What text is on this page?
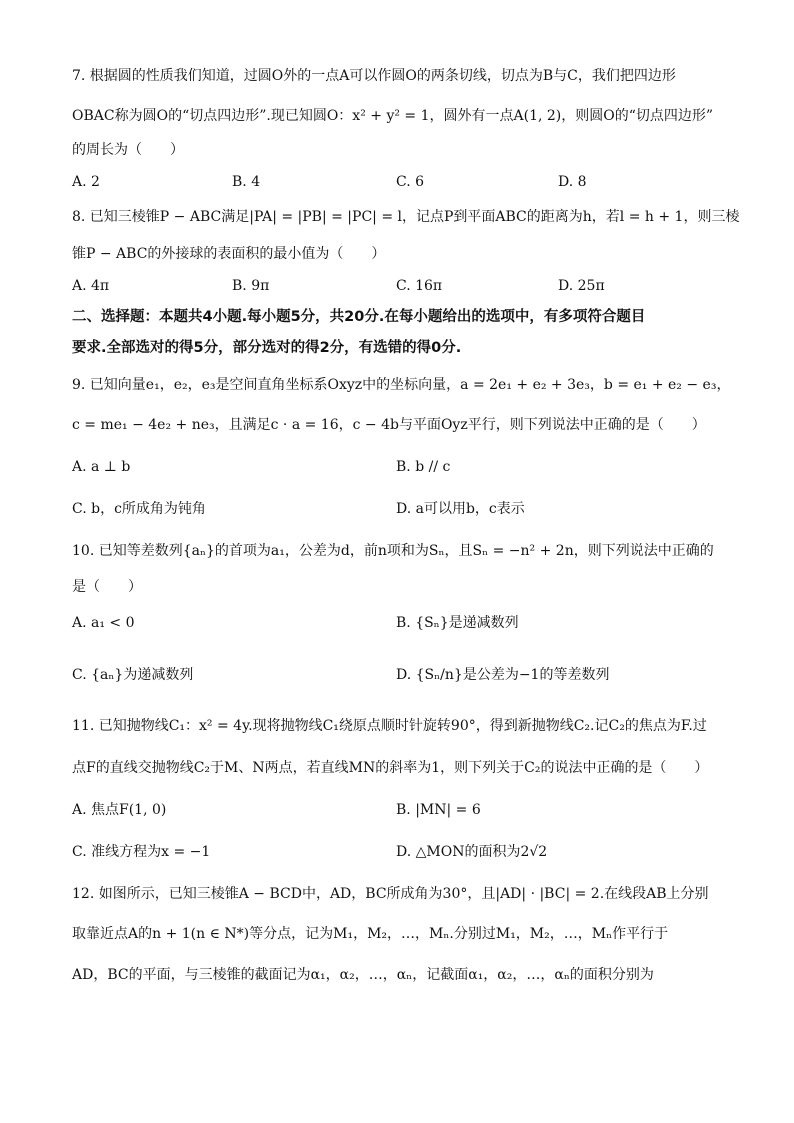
7. 根据圆的性质我们知道，过圆O外的一点A可以作圆O的两条切线，切点为B与C，我们把四边形
OBAC称为圆O的“切点四边形”.现已知圆O：x² + y² = 1，圆外有一点A(1, 2)，则圆O的“切点四边形”
的周长为（　　）
A. 2	B. 4	C. 6	D. 8
8. 已知三棱锥P − ABC满足|PA| = |PB| = |PC| = l，记点P到平面ABC的距离为h，若l = h + 1，则三棱
锥P − ABC的外接球的表面积的最小值为（　　）
A. 4π	B. 9π	C. 16π	D. 25π
二、选择题：本题共4小题.每小题5分，共20分.在每小题给出的选项中，有多项符合题目
要求.全部选对的得5分，部分选对的得2分，有选错的得0分.
9. 已知向量e₁，e₂，e₃是空间直角坐标系Oxyz中的坐标向量，a = 2e₁ + e₂ + 3e₃，b = e₁ + e₂ − e₃，
c = me₁ − 4e₂ + ne₃，且满足c · a = 16，c − 4b与平面Oyz平行，则下列说法中正确的是（　　）
A. a ⊥ b	B. b // c
C. b，c所成角为钝角	D. a可以用b，c表示
10. 已知等差数列{aₙ}的首项为a₁，公差为d，前n项和为Sₙ，且Sₙ = −n² + 2n，则下列说法中正确的
是（　　）
A. a₁ < 0	B. {Sₙ}是递减数列
C. {aₙ}为递减数列	D. {Sₙ/n}是公差为−1的等差数列
11. 已知抛物线C₁：x² = 4y.现将抛物线C₁绕原点顺时针旋转90°，得到新抛物线C₂.记C₂的焦点为F.过
点F的直线交抛物线C₂于M、N两点，若直线MN的斜率为1，则下列关于C₂的说法中正确的是（　　）
A. 焦点F(1, 0)	B. |MN| = 6
C. 准线方程为x = −1	D. △MON的面积为2√2
12. 如图所示，已知三棱锥A − BCD中，AD，BC所成角为30°，且|AD| · |BC| = 2.在线段AB上分别
取靠近点A的n + 1(n ∈ N*)等分点，记为M₁，M₂，…，Mₙ.分别过M₁，M₂，…，Mₙ作平行于
AD，BC的平面，与三棱锥的截面记为α₁，α₂，…，αₙ，记截面α₁，α₂，…，αₙ的面积分别为
